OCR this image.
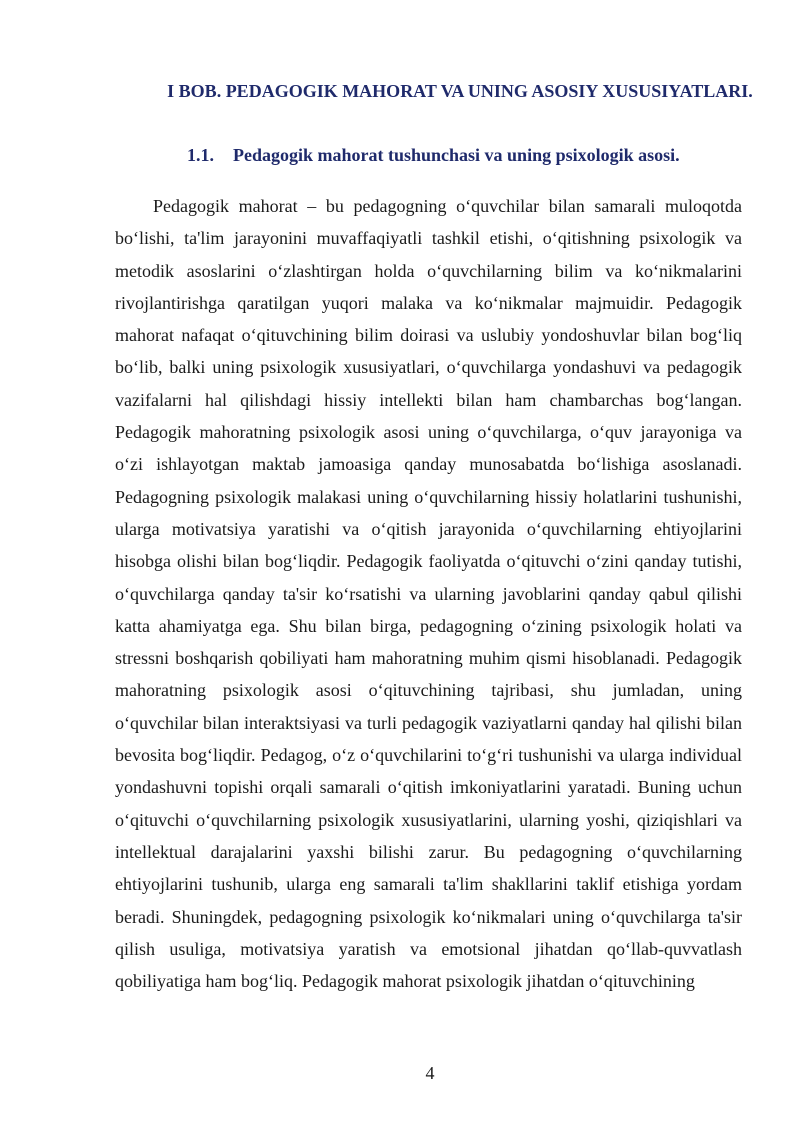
I BOB. PEDAGOGIK MAHORAT VA UNING ASOSIY XUSUSIYATLARI.
1.1. Pedagogik mahorat tushunchasi va uning psixologik asosi.

Pedagogik mahorat – bu pedagogning o‘quvchilar bilan samarali muloqotda bo‘lishi, ta'lim jarayonini muvaffaqiyatli tashkil etishi, o‘qitishning psixologik va metodik asoslarini o‘zlashtirgan holda o‘quvchilarning bilim va ko‘nikmalarini rivojlantirishga qaratilgan yuqori malaka va ko‘nikmalar majmuidir. Pedagogik mahorat nafaqat o‘qituvchining bilim doirasi va uslubiy yondoshuvlar bilan bog‘liq bo‘lib, balki uning psixologik xususiyatlari, o‘quvchilarga yondashuvi va pedagogik vazifalarni hal qilishdagi hissiy intellekti bilan ham chambarchas bog‘langan. Pedagogik mahoratning psixologik asosi uning o‘quvchilarga, o‘quv jarayoniga va o‘zi ishlayotgan maktab jamoasiga qanday munosabatda bo‘lishiga asoslanadi. Pedagogning psixologik malakasi uning o‘quvchilarning hissiy holatlarini tushunishi, ularga motivatsiya yaratishi va o‘qitish jarayonida o‘quvchilarning ehtiyojlarini hisobga olishi bilan bog‘liqdir. Pedagogik faoliyatda o‘qituvchi o‘zini qanday tutishi, o‘quvchilarga qanday ta'sir ko‘rsatishi va ularning javoblarini qanday qabul qilishi katta ahamiyatga ega. Shu bilan birga, pedagogning o‘zining psixologik holati va stressni boshqarish qobiliyati ham mahoratning muhim qismi hisoblanadi. Pedagogik mahoratning psixologik asosi o‘qituvchining tajribasi, shu jumladan, uning o‘quvchilar bilan interaktsiyasi va turli pedagogik vaziyatlarni qanday hal qilishi bilan bevosita bog‘liqdir. Pedagog, o‘z o‘quvchilarini to‘g‘ri tushunishi va ularga individual yondashuvni topishi orqali samarali o‘qitish imkoniyatlarini yaratadi. Buning uchun o‘qituvchi o‘quvchilarning psixologik xususiyatlarini, ularning yoshi, qiziqishlari va intellektual darajalarini yaxshi bilishi zarur. Bu pedagogning o‘quvchilarning ehtiyojlarini tushunib, ularga eng samarali ta'lim shakllarini taklif etishiga yordam beradi. Shuningdek, pedagogning psixologik ko‘nikmalari uning o‘quvchilarga ta'sir qilish usuliga, motivatsiya yaratish va emotsional jihatdan qo‘llab-quvvatlash qobiliyatiga ham bog‘liq. Pedagogik mahorat psixologik jihatdan o‘qituvchining

4
